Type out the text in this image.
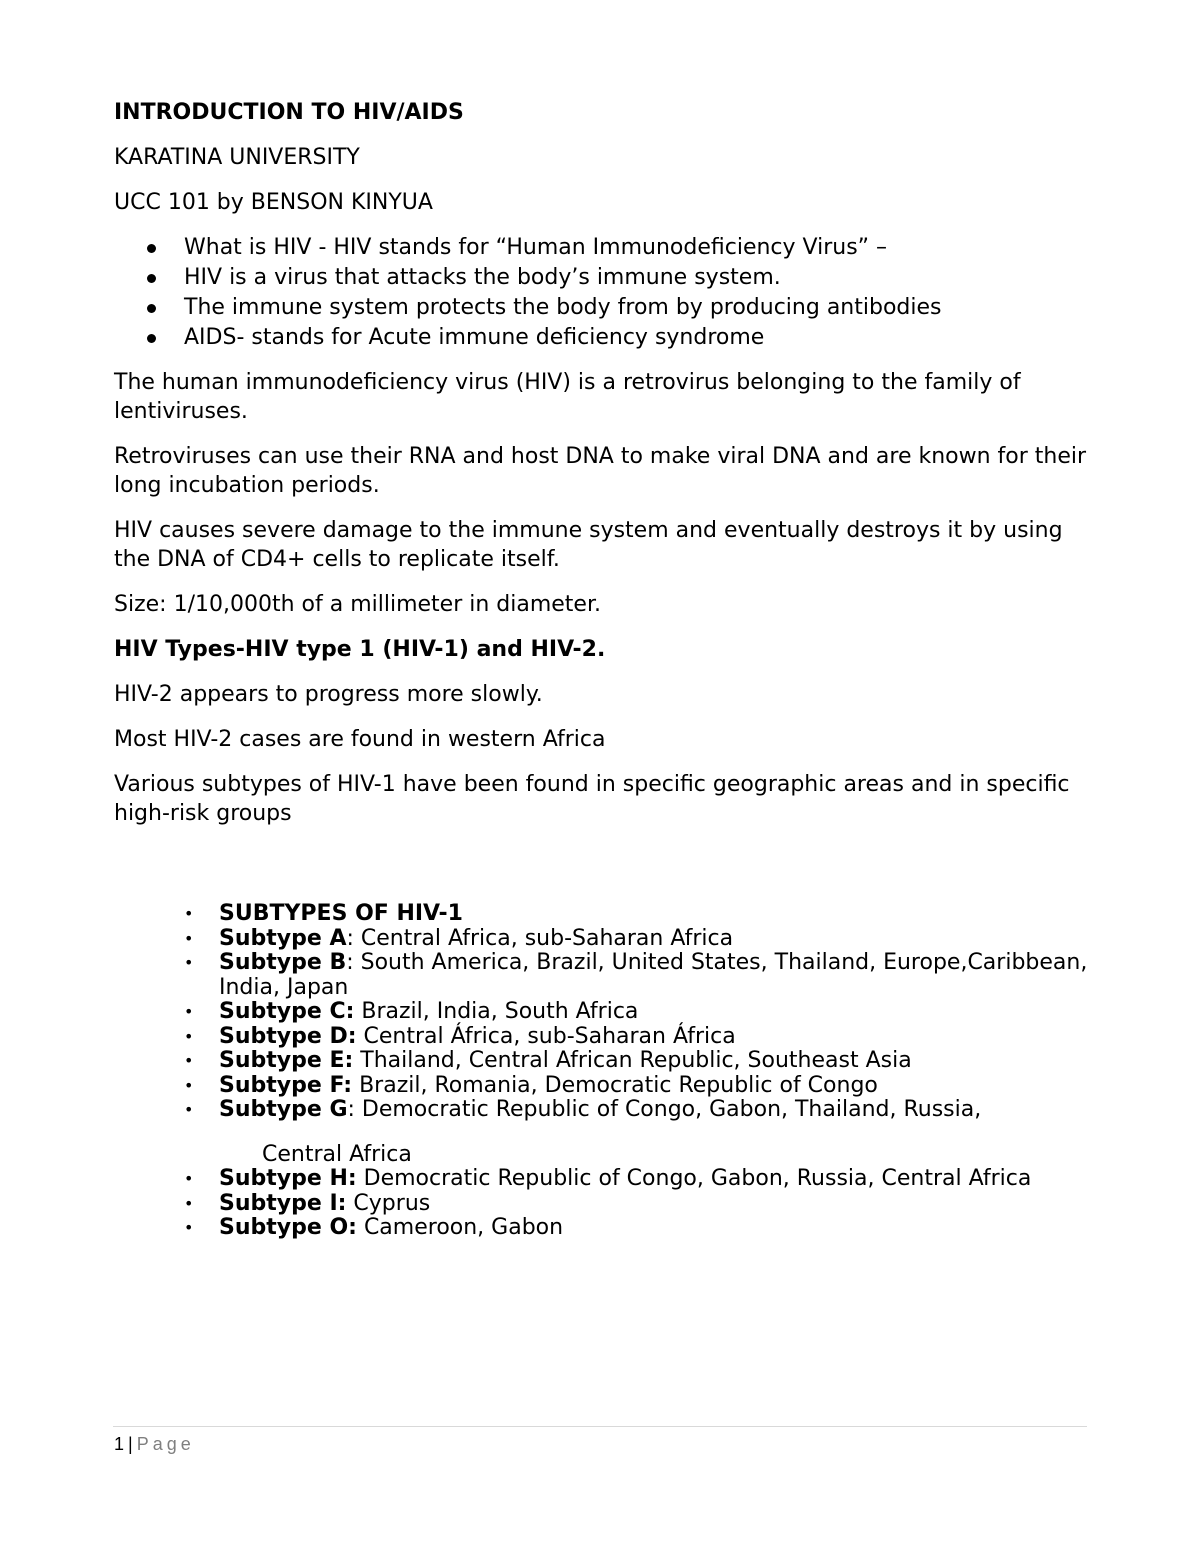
INTRODUCTION TO HIV/AIDS
KARATINA UNIVERSITY
UCC 101 by BENSON KINYUA
What is HIV - HIV stands for “Human Immunodeficiency Virus” –
HIV is a virus that attacks the body’s immune system.
The immune system protects the body from by producing antibodies
AIDS- stands for Acute immune deficiency syndrome
The human immunodeficiency virus (HIV) is a retrovirus belonging to the family of lentiviruses.
Retroviruses can use their RNA and host DNA to make viral DNA and are known for their long incubation periods.
HIV causes severe damage to the immune system and eventually destroys it by using the DNA of CD4+ cells to replicate itself.
Size: 1/10,000th of a millimeter in diameter.
HIV Types-HIV type 1 (HIV-1) and HIV-2.
HIV-2 appears to progress more slowly.
Most HIV-2 cases are found in western Africa
Various subtypes of HIV-1 have been found in specific geographic areas and in specific high-risk groups
• SUBTYPES OF HIV-1
• Subtype A: Central Africa, sub-Saharan Africa
• Subtype B: South America, Brazil, United States, Thailand, Europe,Caribbean, India, Japan
• Subtype C: Brazil, India, South Africa
• Subtype D: Central África, sub-Saharan África
• Subtype E: Thailand, Central African Republic, Southeast Asia
• Subtype F: Brazil, Romania, Democratic Republic of Congo
• Subtype G: Democratic Republic of Congo, Gabon, Thailand, Russia,
Central Africa
• Subtype H: Democratic Republic of Congo, Gabon, Russia, Central Africa
• Subtype I: Cyprus
• Subtype O: Cameroon, Gabon
1 | Page
